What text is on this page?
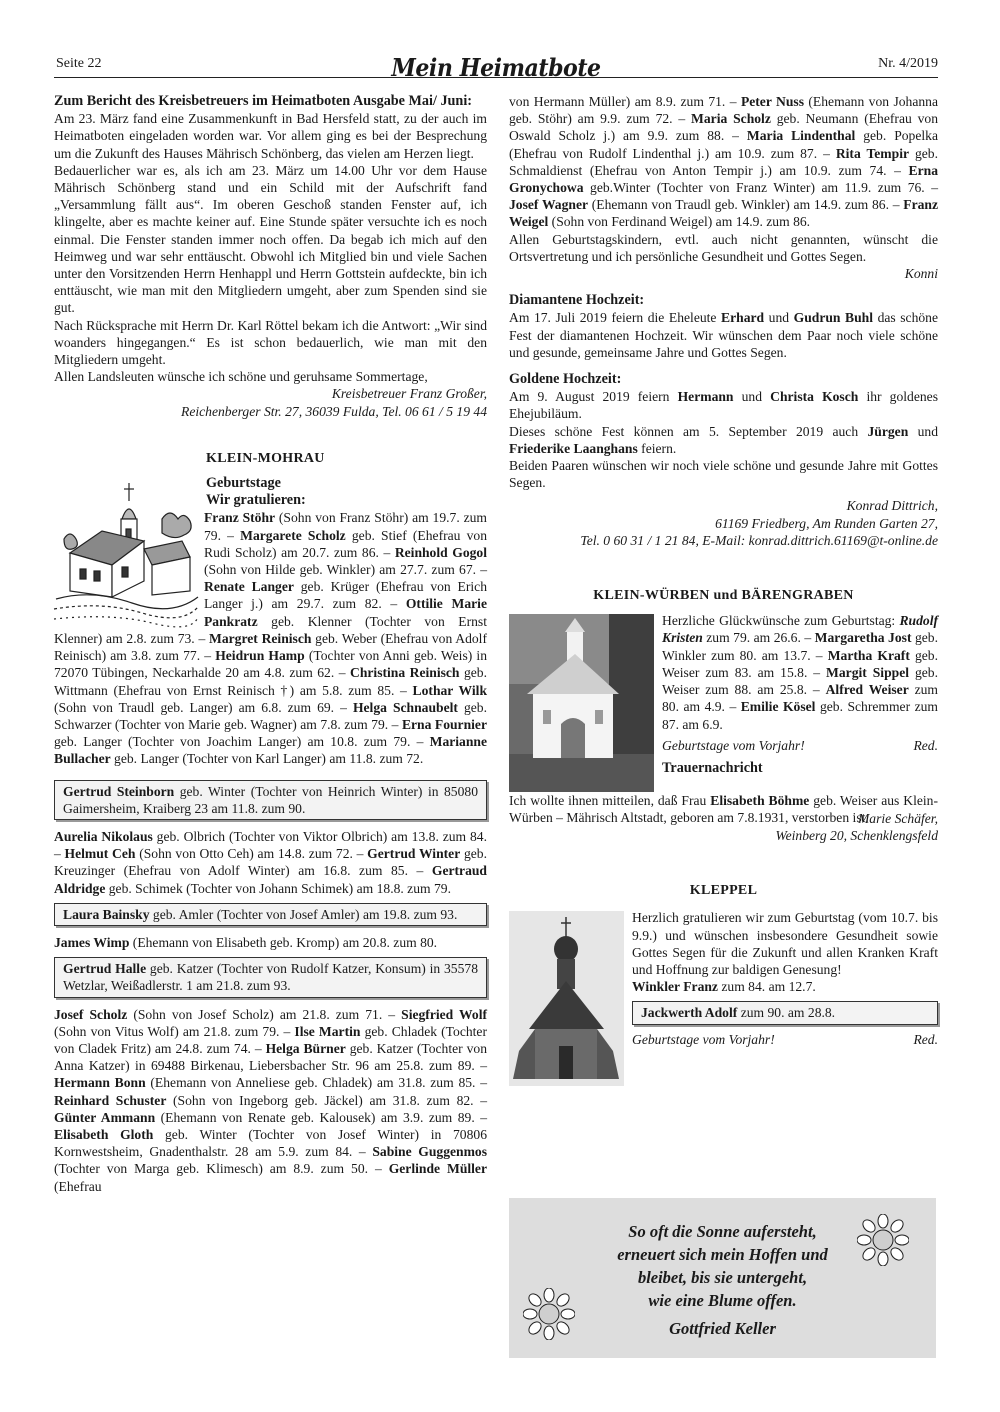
Seite 22	Mein Heimatbote	Nr. 4/2019

Zum Bericht des Kreisbetreuers im Heimatboten Ausgabe Mai/ Juni:

Am 23. März fand eine Zusammenkunft in Bad Hersfeld statt, zu der auch im Heimatboten eingeladen worden war. Vor allem ging es bei der Besprechung um die Zukunft des Hauses Mährisch Schönberg, das vielen am Herzen liegt.

Bedauerlicher war es, als ich am 23. März um 14.00 Uhr vor dem Hause Mährisch Schönberg stand und ein Schild mit der Aufschrift fand „Versammlung fällt aus“. Im oberen Geschoß standen Fenster auf, ich klingelte, aber es machte keiner auf. Eine Stunde später versuchte ich es noch einmal. Die Fenster standen immer noch offen. Da begab ich mich auf den Heimweg und war sehr enttäuscht. Obwohl ich Mitglied bin und viele Sachen unter den Vorsitzenden Herrn Henhappl und Herrn Gottstein aufdeckte, bin ich enttäuscht, wie man mit den Mitgliedern umgeht, aber zum Spenden sind sie gut.

Nach Rücksprache mit Herrn Dr. Karl Röttel bekam ich die Antwort: „Wir sind woanders hingegangen.“ Es ist schon bedauerlich, wie man mit den Mitgliedern umgeht.

Allen Landsleuten wünsche ich schöne und geruhsame Sommertage,

Kreisbetreuer Franz Großer,

Reichenberger Str. 27, 36039 Fulda, Tel. 06 61 / 5 19 44

KLEIN-MOHRAU

Geburtstage

Wir gratulieren:

Franz Stöhr (Sohn von Franz Stöhr) am 19.7. zum 79. – Margarete Scholz geb. Stief (Ehefrau von Rudi Scholz) am 20.7. zum 86. – Reinhold Gogol (Sohn von Hilde geb. Winkler) am 27.7. zum 67. – Renate Langer geb. Krüger (Ehefrau von Erich Langer j.) am 29.7. zum 82. – Ottilie Marie Pankratz geb. Klenner (Tochter von Ernst Klenner) am 2.8. zum 73. – Margret Reinisch geb. Weber (Ehefrau von Adolf Reinisch) am 3.8. zum 77. – Heidrun Hamp (Tochter von Anni geb. Weis) in 72070 Tübingen, Neckarhalde 20 am 4.8. zum 62. – Christina Reinisch geb. Wittmann (Ehefrau von Ernst Reinisch †) am 5.8. zum 85. – Lothar Wilk (Sohn von Traudl geb. Langer) am 6.8. zum 69. – Helga Schnaubelt geb. Schwarzer (Tochter von Marie geb. Wagner) am 7.8. zum 79. – Erna Fournier geb. Langer (Tochter von Joachim Langer) am 10.8. zum 79. – Marianne Bullacher geb. Langer (Tochter von Karl Langer) am 11.8. zum 72.

Gertrud Steinborn geb. Winter (Tochter von Heinrich Winter) in 85080 Gaimersheim, Kraiberg 23 am 11.8. zum 90.

Aurelia Nikolaus geb. Olbrich (Tochter von Viktor Olbrich) am 13.8. zum 84. – Helmut Ceh (Sohn von Otto Ceh) am 14.8. zum 72. – Gertrud Winter geb. Kreuzinger (Ehefrau von Adolf Winter) am 16.8. zum 85. – Gertraud Aldridge geb. Schimek (Tochter von Johann Schimek) am 18.8. zum 79.

Laura Bainsky geb. Amler (Tochter von Josef Amler) am 19.8. zum 93.

James Wimp (Ehemann von Elisabeth geb. Kromp) am 20.8. zum 80.

Gertrud Halle geb. Katzer (Tochter von Rudolf Katzer, Konsum) in 35578 Wetzlar, Weißadlerstr. 1 am 21.8. zum 93.

Josef Scholz (Sohn von Josef Scholz) am 21.8. zum 71. – Siegfried Wolf (Sohn von Vitus Wolf) am 21.8. zum 79. – Ilse Martin geb. Chladek (Tochter von Cladek Fritz) am 24.8. zum 74. – Helga Bürner geb. Katzer (Tochter von Anna Katzer) in 69488 Birkenau, Liebersbacher Str. 96 am 25.8. zum 89. – Hermann Bonn (Ehemann von Anneliese geb. Chladek) am 31.8. zum 85. – Reinhard Schuster (Sohn von Ingeborg geb. Jäckel) am 31.8. zum 82. – Günter Ammann (Ehemann von Renate geb. Kalousek) am 3.9. zum 89. – Elisabeth Gloth geb. Winter (Tochter von Josef Winter) in 70806 Kornwestsheim, Gnadenthalstr. 28 am 5.9. zum 84. – Sabine Guggenmos (Tochter von Marga geb. Klimesch) am 8.9. zum 50. – Gerlinde Müller (Ehefrau

von Hermann Müller) am 8.9. zum 71. – Peter Nuss (Ehemann von Johanna geb. Stöhr) am 9.9. zum 72. – Maria Scholz geb. Neumann (Ehefrau von Oswald Scholz j.) am 9.9. zum 88. – Maria Lindenthal geb. Popelka (Ehefrau von Rudolf Lindenthal j.) am 10.9. zum 87. – Rita Tempir geb. Schmaldienst (Ehefrau von Anton Tempir j.) am 10.9. zum 74. – Erna Gronychowa geb.Winter (Tochter von Franz Winter) am 11.9. zum 76. – Josef Wagner (Ehemann von Traudl geb. Winkler) am 14.9. zum 86. – Franz Weigel (Sohn von Ferdinand Weigel) am 14.9. zum 86.

Allen Geburtstagskindern, evtl. auch nicht genannten, wünscht die Ortsvertretung und ich persönliche Gesundheit und Gottes Segen.

Konni

Diamantene Hochzeit:

Am 17. Juli 2019 feiern die Eheleute Erhard und Gudrun Buhl das schöne Fest der diamantenen Hochzeit. Wir wünschen dem Paar noch viele schöne und gesunde, gemeinsame Jahre und Gottes Segen.

Goldene Hochzeit:

Am 9. August 2019 feiern Hermann und Christa Kosch ihr goldenes Ehejubiläum.

Dieses schöne Fest können am 5. September 2019 auch Jürgen und Friederike Laanghans feiern.

Beiden Paaren wünschen wir noch viele schöne und gesunde Jahre mit Gottes Segen.

Konrad Dittrich,

61169 Friedberg, Am Runden Garten 27,

Tel. 0 60 31 / 1 21 84, E-Mail: konrad.dittrich.61169@t-online.de

KLEIN-WÜRBEN und BÄRENGRABEN

Herzliche Glückwünsche zum Geburtstag: Rudolf Kristen zum 79. am 26.6. – Margaretha Jost geb. Winkler zum 80. am 13.7. – Martha Kraft geb. Weiser zum 83. am 15.8. – Margit Sippel geb. Weiser zum 88. am 25.8. – Alfred Weiser zum 80. am 4.9. – Emilie Kösel geb. Schremmer zum 87. am 6.9.

Geburtstage vom Vorjahr!	Red.

Trauernachricht

Ich wollte ihnen mitteilen, daß Frau Elisabeth Böhme geb. Weiser aus Klein-Würben – Mährisch Altstadt, geboren am 7.8.1931, verstorben ist.

Marie Schäfer,

Weinberg 20, Schenklengsfeld

KLEPPEL

Herzlich gratulieren wir zum Geburtstag (vom 10.7. bis 9.9.) und wünschen insbesondere Gesundheit sowie Gottes Segen für die Zukunft und allen Kranken Kraft und Hoffnung zur baldigen Genesung!

Winkler Franz zum 84. am 12.7.

Jackwerth Adolf zum 90. am 28.8.

Geburtstage vom Vorjahr!	Red.
So oft die Sonne aufersteht,
erneuert sich mein Hoffen und
bleibet, bis sie untergeht,
wie eine Blume offen.
Gottfried Keller
